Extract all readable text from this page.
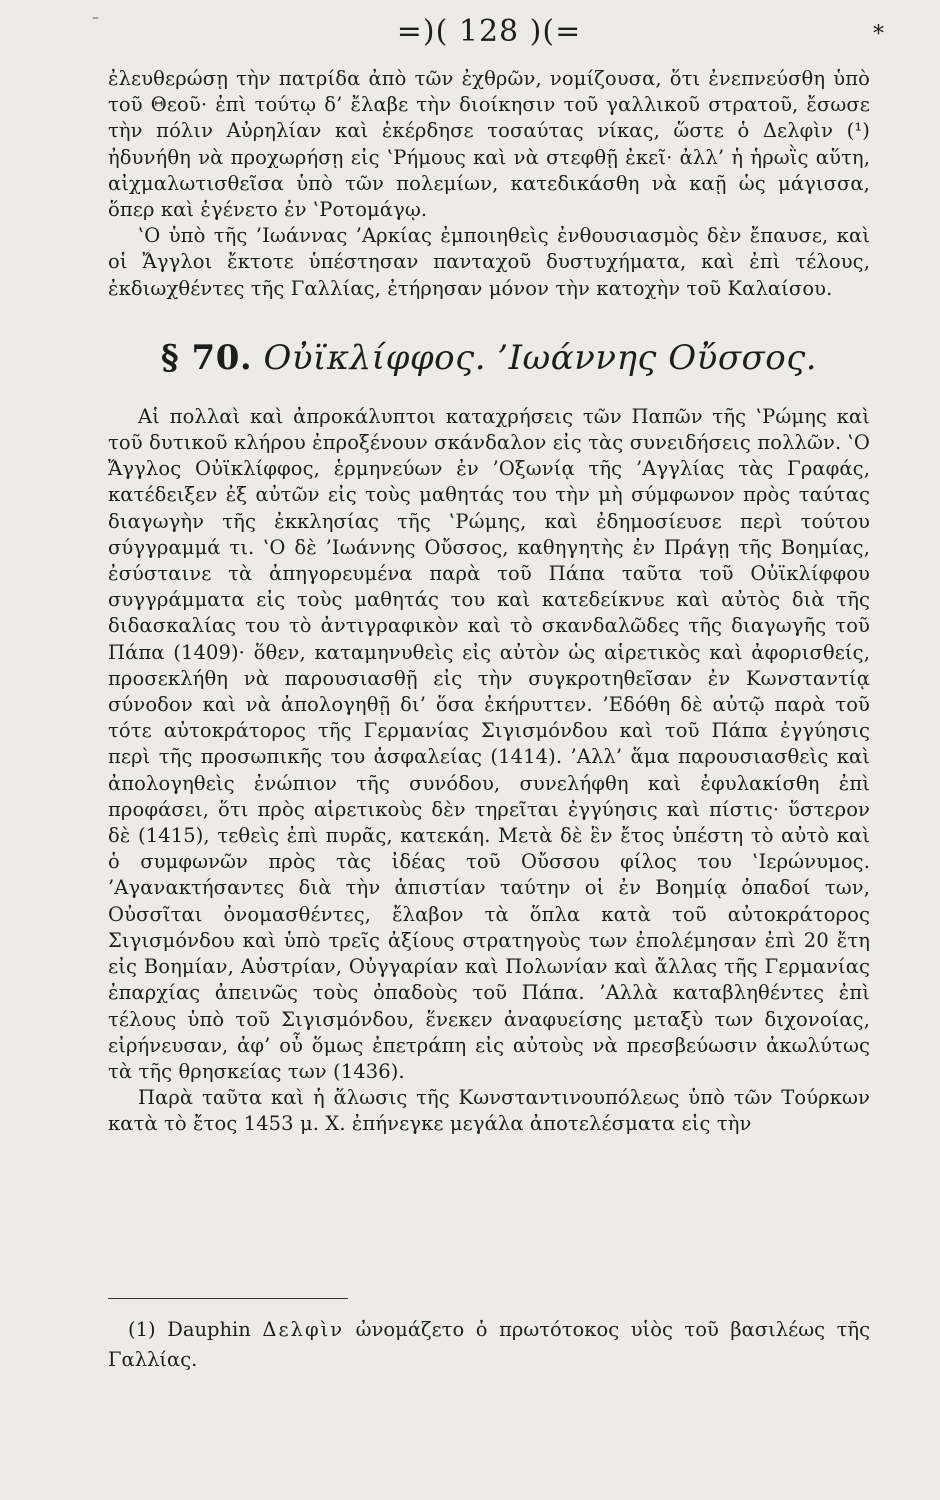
–	=)( 128 )(=	*

ἐλευθερώσῃ τὴν πατρίδα ἀπὸ τῶν ἐχθρῶν, νομίζουσα, ὅτι ἐνεπνεύσθη ὑπὸ τοῦ Θεοῦ· ἐπὶ τούτῳ δ’ ἔλαβε τὴν διοίκησιν τοῦ γαλλικοῦ στρατοῦ, ἔσωσε τὴν πόλιν Αὐρηλίαν καὶ ἐκέρδησε τοσαύτας νίκας, ὥστε ὁ Δελφὶν (¹) ἠδυνήθη νὰ προχωρήσῃ εἰς ‛Ρήμους καὶ νὰ στεφθῇ ἐκεῖ· ἀλλ’ ἡ ἡρωῒς αὕτη, αἰχμαλωτισθεῖσα ὑπὸ τῶν πολεμίων, κατεδικάσθη νὰ καῇ ὡς μάγισσα, ὅπερ καὶ ἐγένετο ἐν ‛Ροτομάγῳ.

‛Ο ὑπὸ τῆς ’Ιωάννας ’Αρκίας ἐμποιηθεὶς ἐνθουσιασμὸς δὲν ἔπαυσε, καὶ οἱ Ἄγγλοι ἔκτοτε ὑπέστησαν πανταχοῦ δυστυχήματα, καὶ ἐπὶ τέλους, ἐκδιωχθέντες τῆς Γαλλίας, ἐτήρησαν μόνον τὴν κατοχὴν τοῦ Καλαίσου.

§ 70. Οὐϊκλίφφος. ’Ιωάννης Οὔσσος.

Αἱ πολλαὶ καὶ ἀπροκάλυπτοι καταχρήσεις τῶν Παπῶν τῆς ‛Ρώμης καὶ τοῦ δυτικοῦ κλήρου ἐπροξένουν σκάνδαλον εἰς τὰς συνειδήσεις πολλῶν. ‛Ο Ἄγγλος Οὐϊκλίφφος, ἑρμηνεύων ἐν ’Οξωνίᾳ τῆς ’Αγγλίας τὰς Γραφάς, κατέδειξεν ἐξ αὐτῶν εἰς τοὺς μαθητάς του τὴν μὴ σύμφωνον πρὸς ταύτας διαγωγὴν τῆς ἐκκλησίας τῆς ‛Ρώμης, καὶ ἐδημοσίευσε περὶ τούτου σύγγραμμά τι. ‛Ο δὲ ’Ιωάννης Οὔσσος, καθηγητὴς ἐν Πράγῃ τῆς Βοημίας, ἐσύσταινε τὰ ἀπηγορευμένα παρὰ τοῦ Πάπα ταῦτα τοῦ Οὐϊκλίφφου συγγράμματα εἰς τοὺς μαθητάς του καὶ κατεδείκνυε καὶ αὐτὸς διὰ τῆς διδασκαλίας του τὸ ἀντιγραφικὸν καὶ τὸ σκανδαλῶδες τῆς διαγωγῆς τοῦ Πάπα (1409)· ὅθεν, καταμηνυθεὶς εἰς αὐτὸν ὡς αἱρετικὸς καὶ ἀφορισθείς, προσεκλήθη νὰ παρουσιασθῇ εἰς τὴν συγκροτηθεῖσαν ἐν Κωνσταντίᾳ σύνοδον καὶ νὰ ἀπολογηθῇ δι’ ὅσα ἐκήρυττεν. ’Εδόθη δὲ αὐτῷ παρὰ τοῦ τότε αὐτοκράτορος τῆς Γερμανίας Σιγισμόνδου καὶ τοῦ Πάπα ἐγγύησις περὶ τῆς προσωπικῆς του ἀσφαλείας (1414). ’Αλλ’ ἅμα παρουσιασθεὶς καὶ ἀπολογηθεὶς ἐνώπιον τῆς συνόδου, συνελήφθη καὶ ἐφυλακίσθη ἐπὶ προφάσει, ὅτι πρὸς αἱρετικοὺς δὲν τηρεῖται ἐγγύησις καὶ πίστις· ὕστερον δὲ (1415), τεθεὶς ἐπὶ πυρᾶς, κατεκάη. Μετὰ δὲ ἓν ἔτος ὑπέστη τὸ αὐτὸ καὶ ὁ συμφωνῶν πρὸς τὰς ἰδέας τοῦ Οὔσσου φίλος του ‛Ιερώνυμος. ’Αγανακτήσαντες διὰ τὴν ἀπιστίαν ταύτην οἱ ἐν Βοημίᾳ ὀπαδοί των, Οὐσσῖται ὀνομασθέντες, ἔλαβον τὰ ὅπλα κατὰ τοῦ αὐτοκράτορος Σιγισμόνδου καὶ ὑπὸ τρεῖς ἀξίους στρατηγοὺς των ἐπολέμησαν ἐπὶ 20 ἔτη εἰς Βοημίαν, Αὐστρίαν, Οὐγγαρίαν καὶ Πολωνίαν καὶ ἄλλας τῆς Γερμανίας ἐπαρχίας ἀπεινῶς τοὺς ὀπαδοὺς τοῦ Πάπα. ’Αλλὰ καταβληθέντες ἐπὶ τέλους ὑπὸ τοῦ Σιγισμόνδου, ἕνεκεν ἀναφυείσης μεταξὺ των διχονοίας, εἰρήνευσαν, ἀφ’ οὗ ὅμως ἐπετράπη εἰς αὐτοὺς νὰ πρεσβεύωσιν ἀκωλύτως τὰ τῆς θρησκείας των (1436).

Παρὰ ταῦτα καὶ ἡ ἅλωσις τῆς Κωνσταντινουπόλεως ὑπὸ τῶν Τούρκων κατὰ τὸ ἔτος 1453 μ. Χ. ἐπήνεγκε μεγάλα ἀποτελέσματα εἰς τὴν

(1) Dauphin Δελφὶν ὠνομάζετο ὁ πρωτότοκος υἱὸς τοῦ βασιλέως τῆς Γαλλίας.
